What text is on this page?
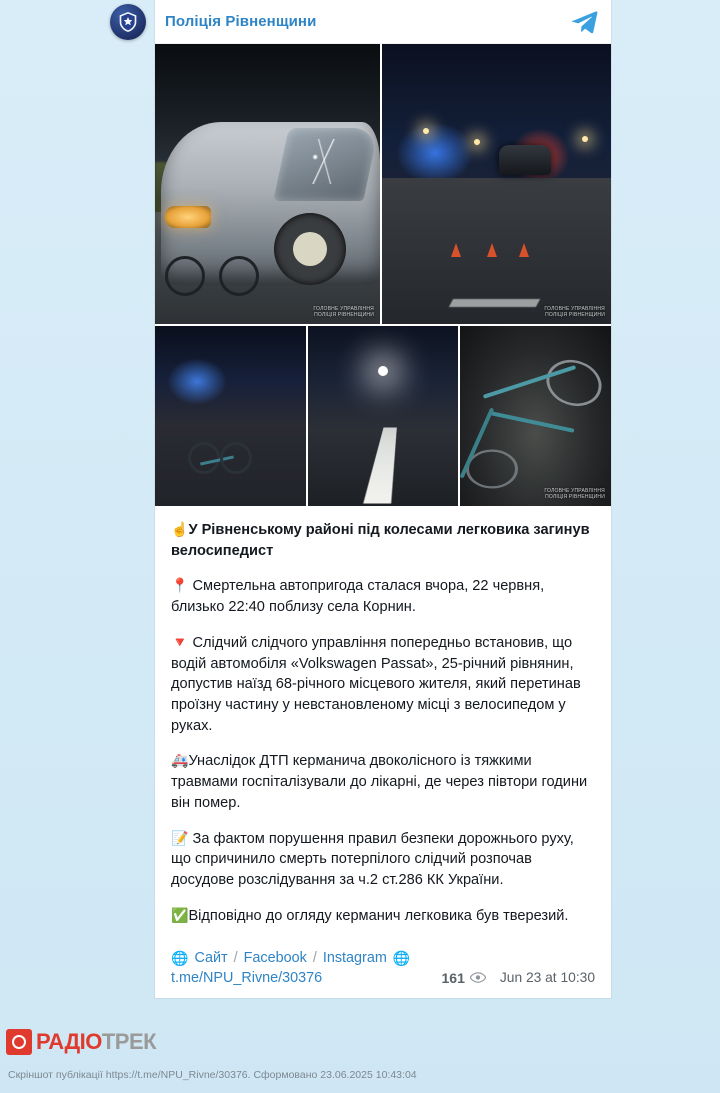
Поліція Рівненщини
ГОЛОВНЕ УПРАВЛІННЯ
ПОЛІЦІЯ РІВНЕНЩИНИ
ГОЛОВНЕ УПРАВЛІННЯ
ПОЛІЦІЯ РІВНЕНЩИНИ
ГОЛОВНЕ УПРАВЛІННЯ
ПОЛІЦІЯ РІВНЕНЩИНИ

☝️У Рівненському районі під колесами легковика загинув велосипедист

📍 Смертельна автопригода сталася вчора, 22 червня, близько 22:40 поблизу села Корнин.

🔻 Слідчий слідчого управління попередньо встановив, що водій автомобіля «Volkswagen Passat», 25-річний рівнянин, допустив наїзд 68-річного місцевого жителя, який перетинав проїзну частину у невстановленому місці з велосипедом у руках.

🚑Унаслідок ДТП керманича двоколісного із тяжкими травмами госпіталізували до лікарні, де через півтори години він помер.

📝 За фактом порушення правил безпеки дорожнього руху, що спричинило смерть потерпілого слідчий розпочав досудове розслідування за ч.2 ст.286 КК України.

✅Відповідно до огляду керманич легковика був тверезий.

🌐 Сайт / Facebook / Instagram 🌐
t.me/NPU_Rivne/30376	161	Jun 23 at 10:30
РАДІОТРЕК
Скріншот публікації https://t.me/NPU_Rivne/30376. Сформовано 23.06.2025 10:43:04
